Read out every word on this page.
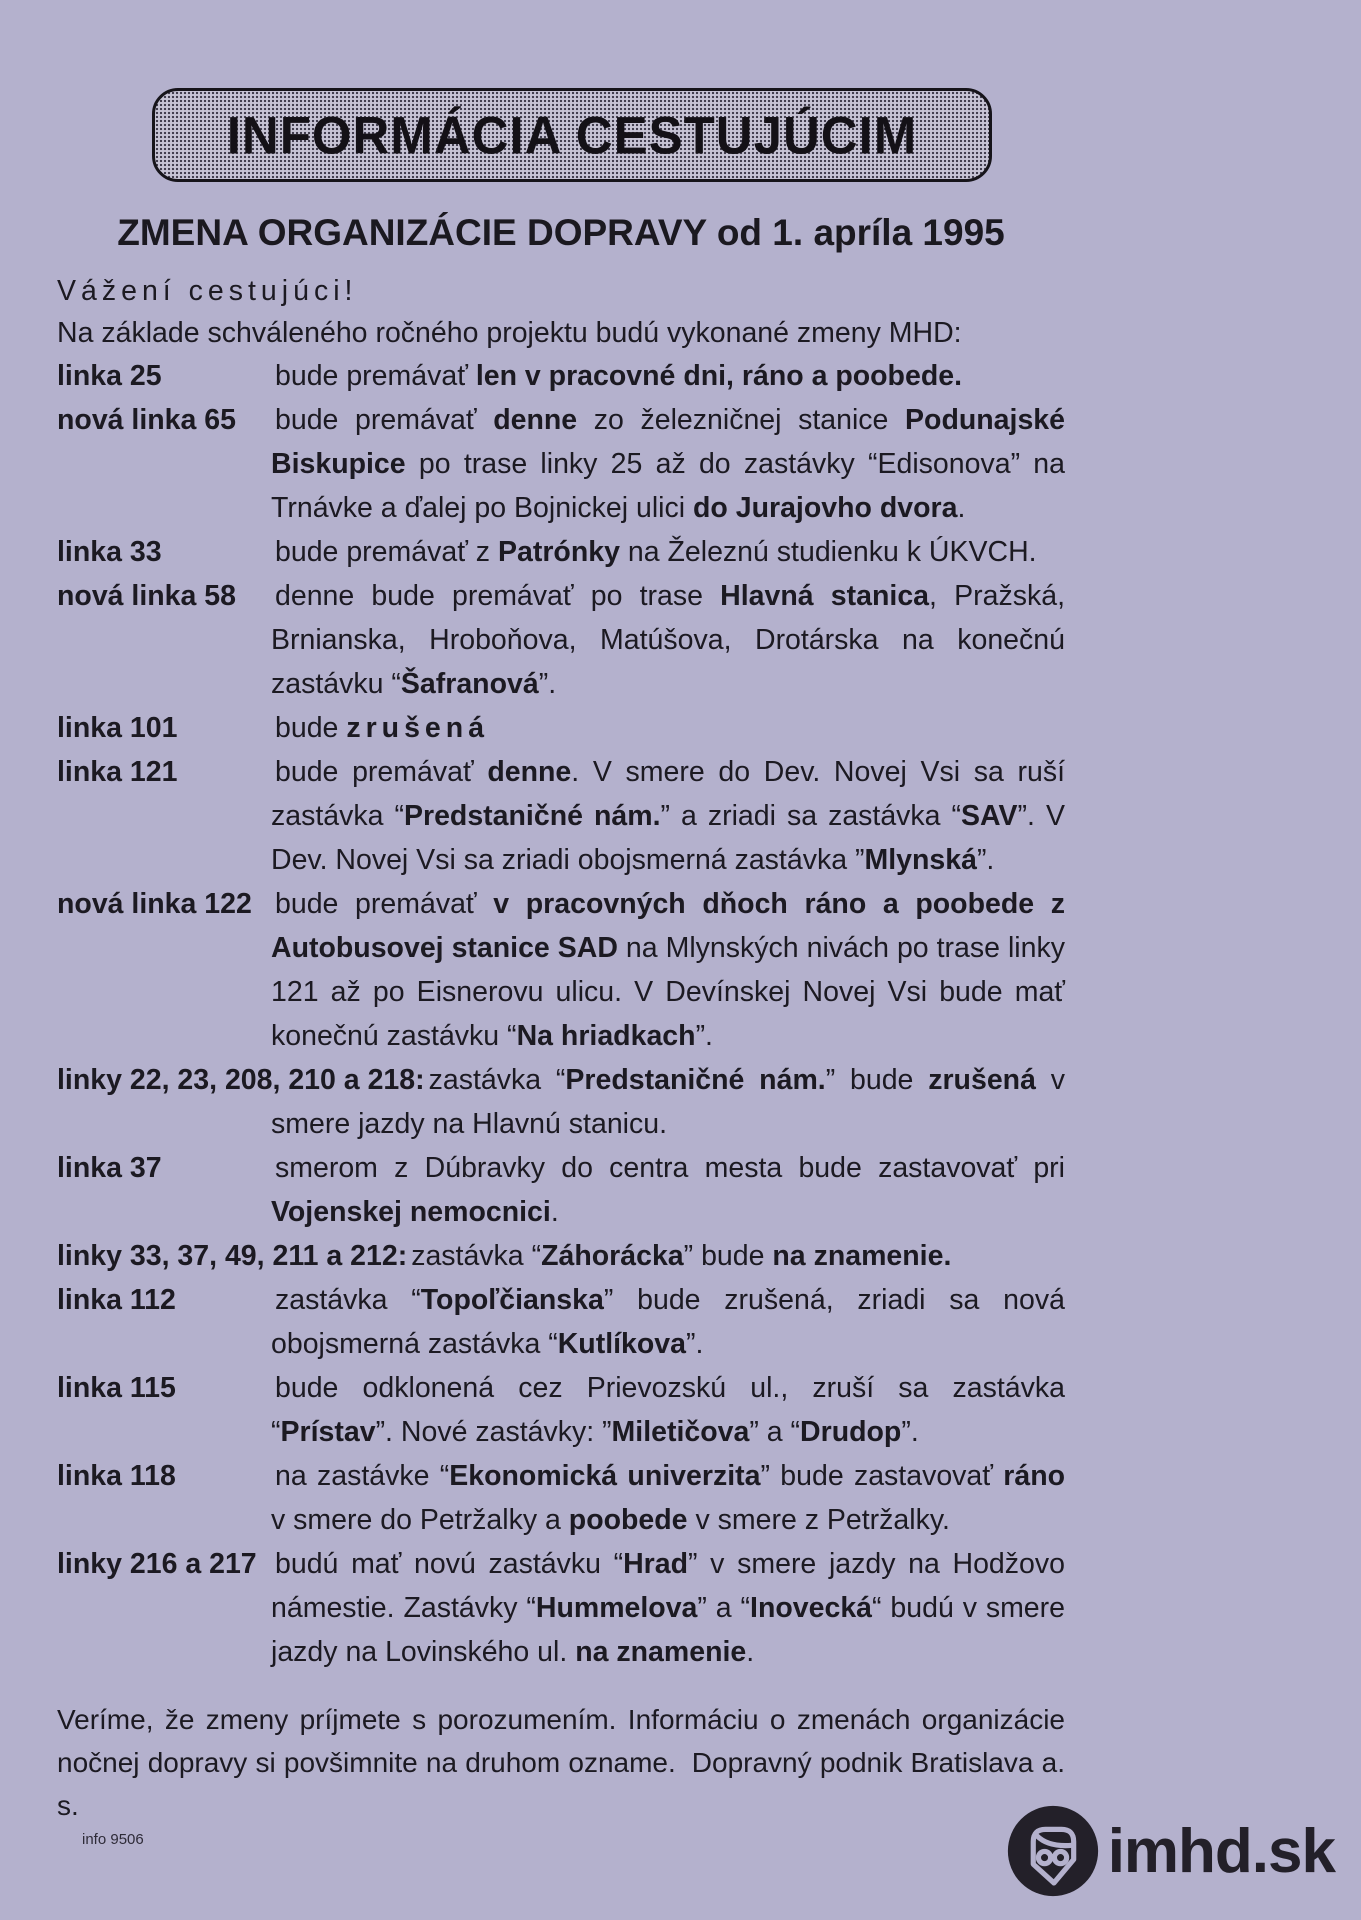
INFORMÁCIA CESTUJÚCIM
ZMENA ORGANIZÁCIE DOPRAVY od 1. apríla 1995

Vážení cestujúci!

Na základe schváleného ročného projektu budú vykonané zmeny MHD:

linka 25	bude premávať len v pracovné dni, ráno a poobede.

nová linka 65 bude premávať denne zo železničnej stanice Podunajské Biskupice po trase linky 25 až do zastávky “Edisonova” na Trnávke a ďalej po Bojnickej ulici do Jurajovho dvora.

linka 33	bude premávať z Patrónky na Železnú studienku k ÚKVCH.

nová linka 58 denne bude premávať po trase Hlavná stanica, Pražská, Brnianska, Hroboňova, Matúšova, Drotárska na konečnú zastávku “Šafranová”.

linka 101	bude zrušená

linka 121	bude premávať denne. V smere do Dev. Novej Vsi sa ruší zastávka “Predstaničné nám.” a zriadi sa zastávka “SAV”. V Dev. Novej Vsi sa zriadi obojsmerná zastávka ”Mlynská”.

nová linka 122 bude premávať v pracovných dňoch ráno a poobede z Autobusovej stanice SAD na Mlynských nivách po trase linky 121 až po Eisnerovu ulicu. V Devínskej Novej Vsi bude mať konečnú zastávku “Na hriadkach”.

linky 22, 23, 208, 210 a 218: zastávka “Predstaničné nám.” bude zrušená v smere jazdy na Hlavnú stanicu.

linka 37	smerom z Dúbravky do centra mesta bude zastavovať pri Vojenskej nemocnici.

linky 33, 37, 49, 211 a 212: zastávka “Záhorácka” bude na znamenie.

linka 112	zastávka “Topoľčianska” bude zrušená, zriadi sa nová obojsmerná zastávka “Kutlíkova”.

linka 115	bude odklonená cez Prievozskú ul., zruší sa zastávka “Prístav”. Nové zastávky: ”Miletičova” a “Drudop”.

linka 118	na zastávke “Ekonomická univerzita” bude zastavovať ráno v smere do Petržalky a poobede v smere z Petržalky.

linky 216 a 217 budú mať novú zastávku “Hrad” v smere jazdy na Hodžovo námestie. Zastávky “Hummelova” a “Inovecká“ budú v smere jazdy na Lovinského ul. na znamenie.

Veríme, že zmeny príjmete s porozumením. Informáciu o zmenách organizácie nočnej dopravy si povšimnite na druhom ozname. Dopravný podnik Bratislava a. s.

info 9506	imhd.sk
